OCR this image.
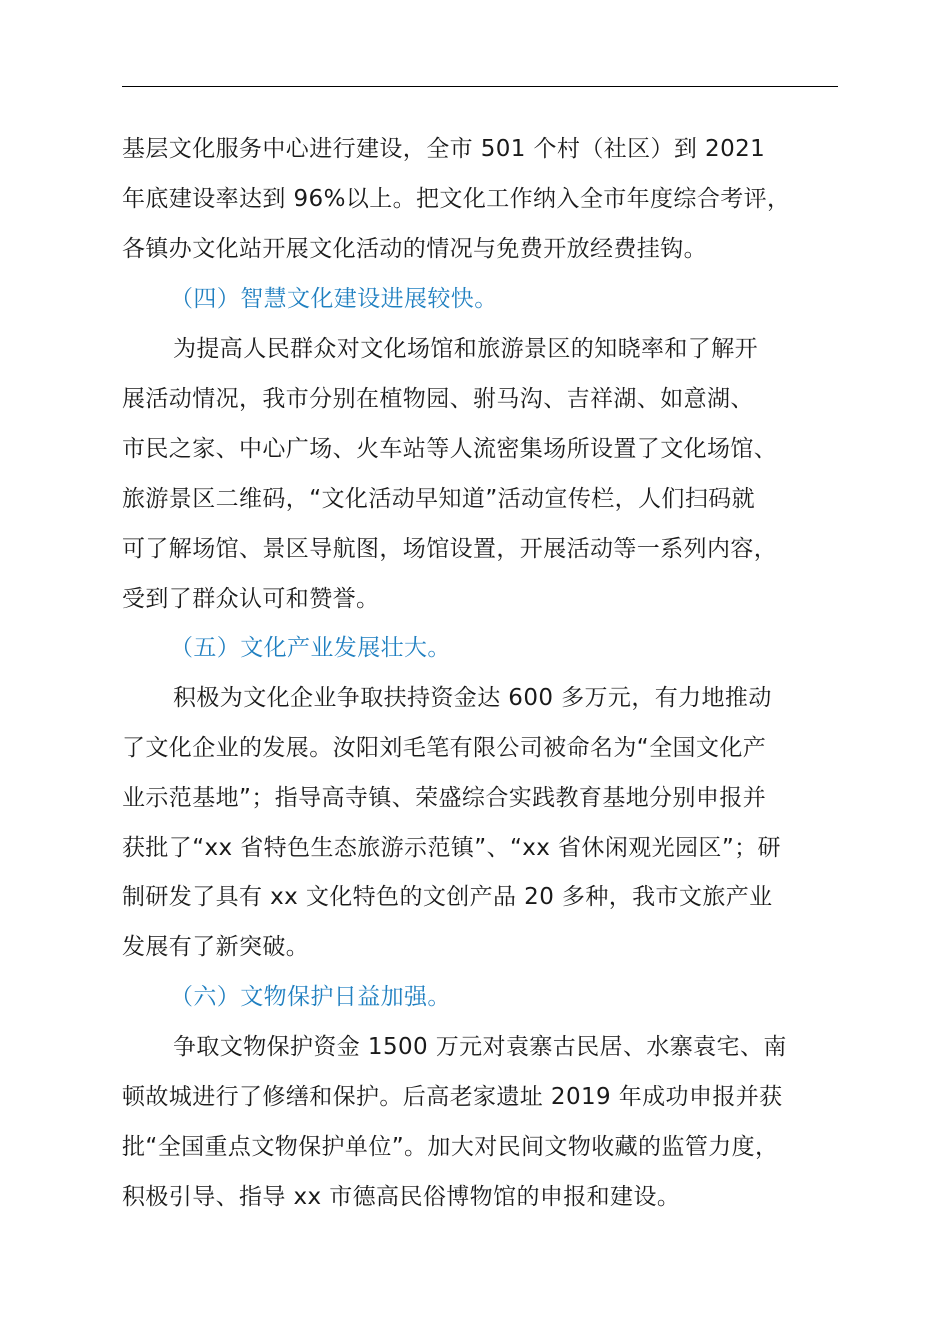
基层文化服务中心进行建设，全市 501 个村（社区）到 2021
年底建设率达到 96%以上。把文化工作纳入全市年度综合考评，
各镇办文化站开展文化活动的情况与免费开放经费挂钩。
（四）智慧文化建设进展较快。
为提高人民群众对文化场馆和旅游景区的知晓率和了解开
展活动情况，我市分别在植物园、驸马沟、吉祥湖、如意湖、
市民之家、中心广场、火车站等人流密集场所设置了文化场馆、
旅游景区二维码，“文化活动早知道”活动宣传栏，人们扫码就
可了解场馆、景区导航图，场馆设置，开展活动等一系列内容，
受到了群众认可和赞誉。
（五）文化产业发展壮大。
积极为文化企业争取扶持资金达 600 多万元，有力地推动
了文化企业的发展。汝阳刘毛笔有限公司被命名为“全国文化产
业示范基地”；指导高寺镇、荣盛综合实践教育基地分别申报并
获批了“xx 省特色生态旅游示范镇”、“xx 省休闲观光园区”；研
制研发了具有 xx 文化特色的文创产品 20 多种，我市文旅产业
发展有了新突破。
（六）文物保护日益加强。
争取文物保护资金 1500 万元对袁寨古民居、水寨袁宅、南
顿故城进行了修缮和保护。后高老家遗址 2019 年成功申报并获
批“全国重点文物保护单位”。加大对民间文物收藏的监管力度，
积极引导、指导 xx 市德高民俗博物馆的申报和建设。
